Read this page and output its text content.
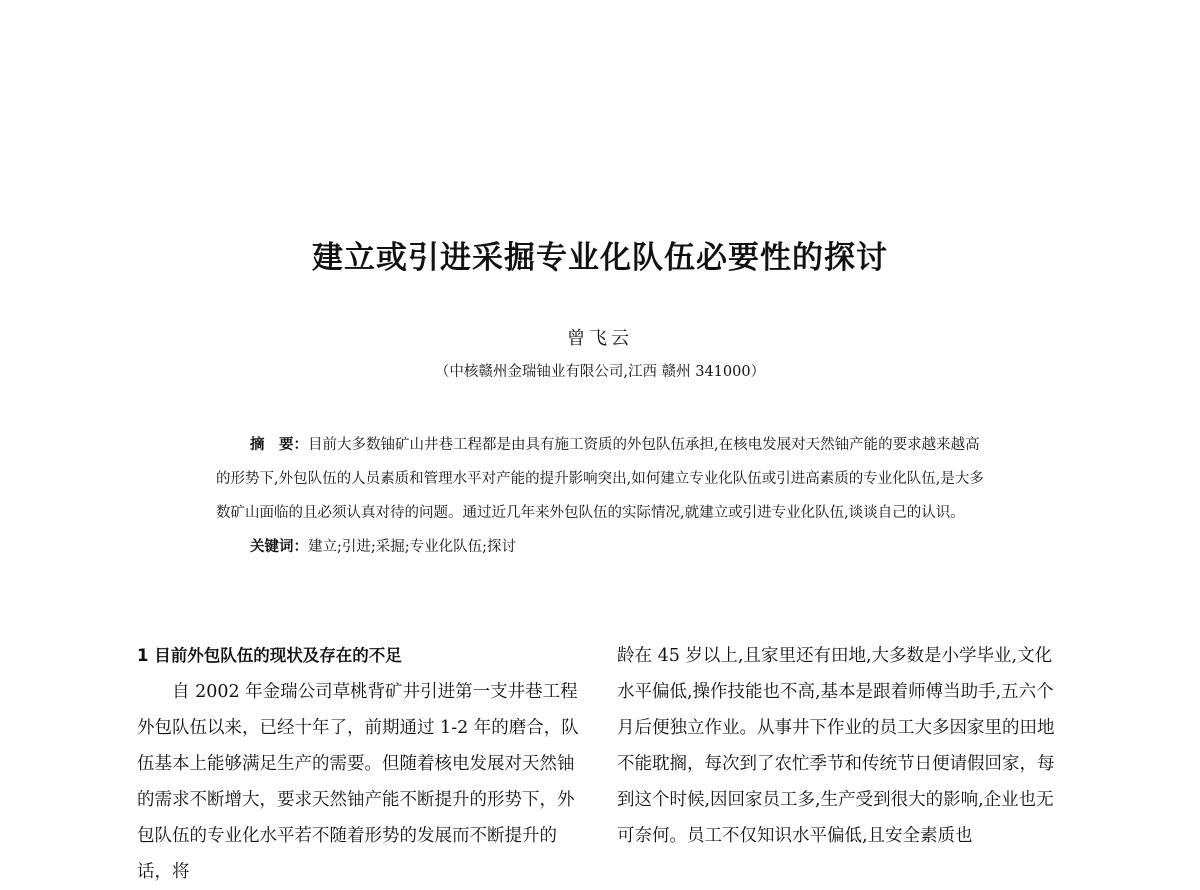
建立或引进采掘专业化队伍必要性的探讨
曾飞云
（中核赣州金瑞铀业有限公司,江西 赣州 341000）

摘　要：目前大多数铀矿山井巷工程都是由具有施工资质的外包队伍承担,在核电发展对天然铀产能的要求越来越高的形势下,外包队伍的人员素质和管理水平对产能的提升影响突出,如何建立专业化队伍或引进高素质的专业化队伍,是大多数矿山面临的且必须认真对待的问题。通过近几年来外包队伍的实际情况,就建立或引进专业化队伍,谈谈自己的认识。

关键词：建立;引进;采掘;专业化队伍;探讨

1 目前外包队伍的现状及存在的不足

自 2002 年金瑞公司草桃背矿井引进第一支井巷工程外包队伍以来，已经十年了，前期通过 1-2 年的磨合，队伍基本上能够满足生产的需要。但随着核电发展对天然铀的需求不断增大，要求天然铀产能不断提升的形势下，外包队伍的专业化水平若不随着形势的发展而不断提升的话，将

龄在 45 岁以上,且家里还有田地,大多数是小学毕业,文化水平偏低,操作技能也不高,基本是跟着师傅当助手,五六个月后便独立作业。从事井下作业的员工大多因家里的田地不能耽搁，每次到了农忙季节和传统节日便请假回家，每到这个时候,因回家员工多,生产受到很大的影响,企业也无可奈何。员工不仅知识水平偏低,且安全素质也
